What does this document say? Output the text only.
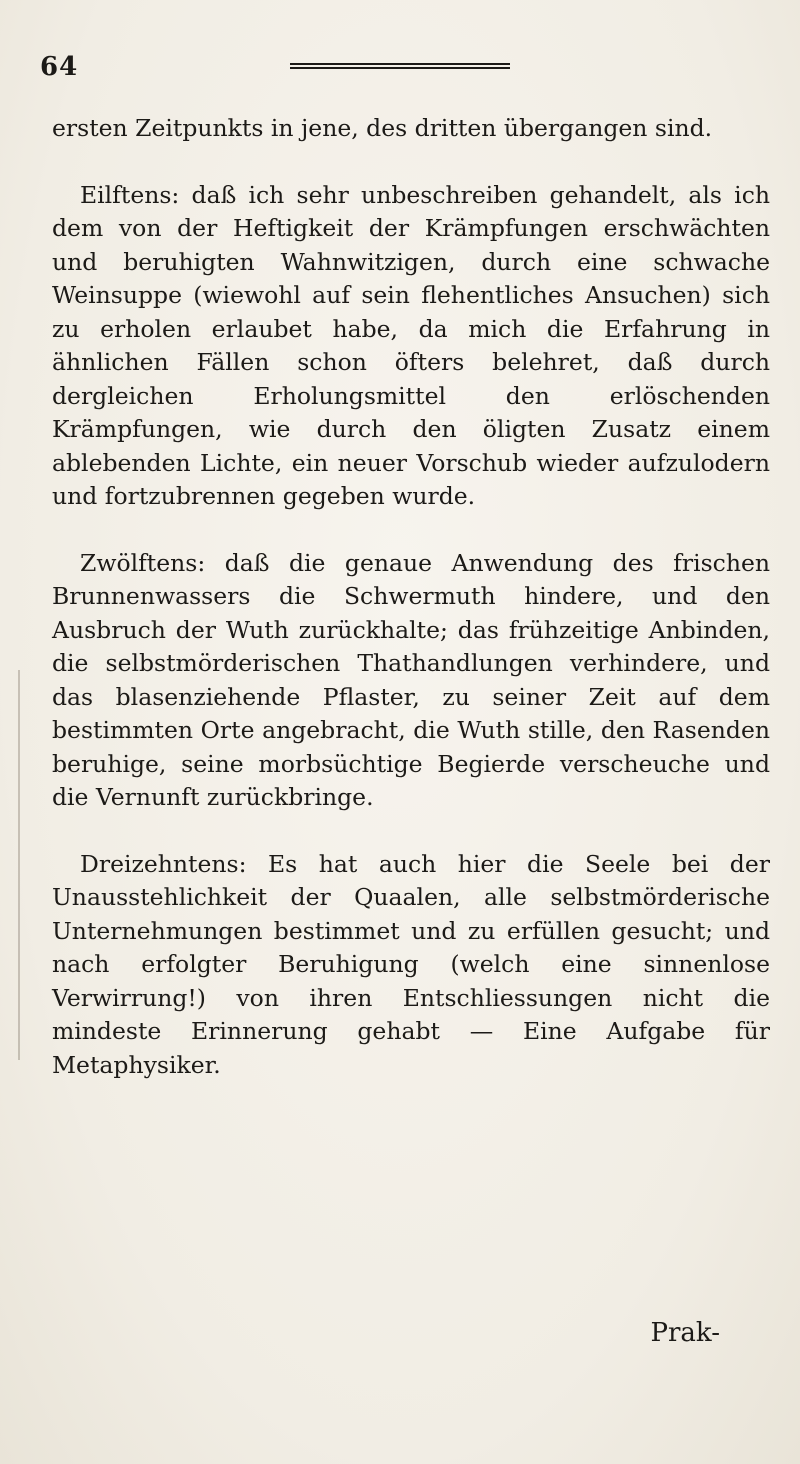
64

ersten Zeitpunkts in jene, des dritten übergangen sind.

Eilftens: daß ich sehr unbeschreiben gehandelt, als ich dem von der Heftigkeit der Krämpfungen erschwächten und beruhigten Wahnwitzigen, durch eine schwache Weinsuppe (wiewohl auf sein flehentliches Ansuchen) sich zu erholen erlaubet habe, da mich die Erfahrung in ähnlichen Fällen schon öfters belehret, daß durch dergleichen Erholungsmittel den erlöschenden Krämpfungen, wie durch den öligten Zusatz einem ablebenden Lichte, ein neuer Vorschub wieder aufzulodern und fortzubrennen gegeben wurde.

Zwölftens: daß die genaue Anwendung des frischen Brunnenwassers die Schwermuth hindere, und den Ausbruch der Wuth zurückhalte; das frühzeitige Anbinden, die selbstmörderischen Thathandlungen verhindere, und das blasenziehende Pflaster, zu seiner Zeit auf dem bestimmten Orte angebracht, die Wuth stille, den Rasenden beruhige, seine morbsüchtige Begierde verscheuche und die Vernunft zurückbringe.

Dreizehntens: Es hat auch hier die Seele bei der Unausstehlichkeit der Quaalen, alle selbstmörderische Unternehmungen bestimmet und zu erfüllen gesucht; und nach erfolgter Beruhigung (welch eine sinnenlose Verwirrung!) von ihren Entschliessungen nicht die mindeste Erinnerung gehabt — Eine Aufgabe für Metaphysiker.

Prak-
